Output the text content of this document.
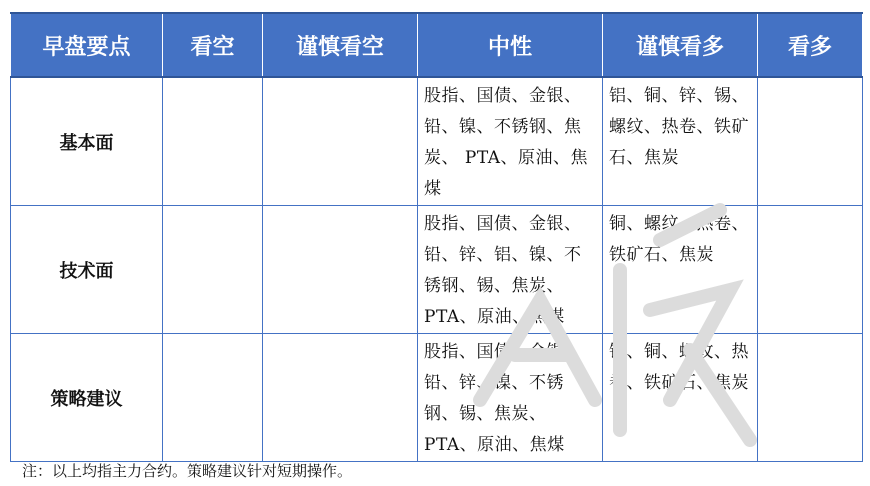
早盘要点	看空	谨慎看空	中性	谨慎看多	看多
基本面			股指、国债、金银、铅、镍、不锈钢、焦炭、 PTA、原油、焦煤	铝、铜、锌、锡、螺纹、热卷、铁矿石、焦炭	
技术面			股指、国债、金银、铅、锌、铝、镍、不锈钢、锡、焦炭、PTA、原油、焦煤	铜、螺纹、热卷、铁矿石、焦炭	
策略建议			股指、国债、金银、铅、锌、镍、不锈钢、锡、焦炭、PTA、原油、焦煤	铝、铜、螺纹、热卷、铁矿石、焦炭	
注：以上均指主力合约。策略建议针对短期操作。
